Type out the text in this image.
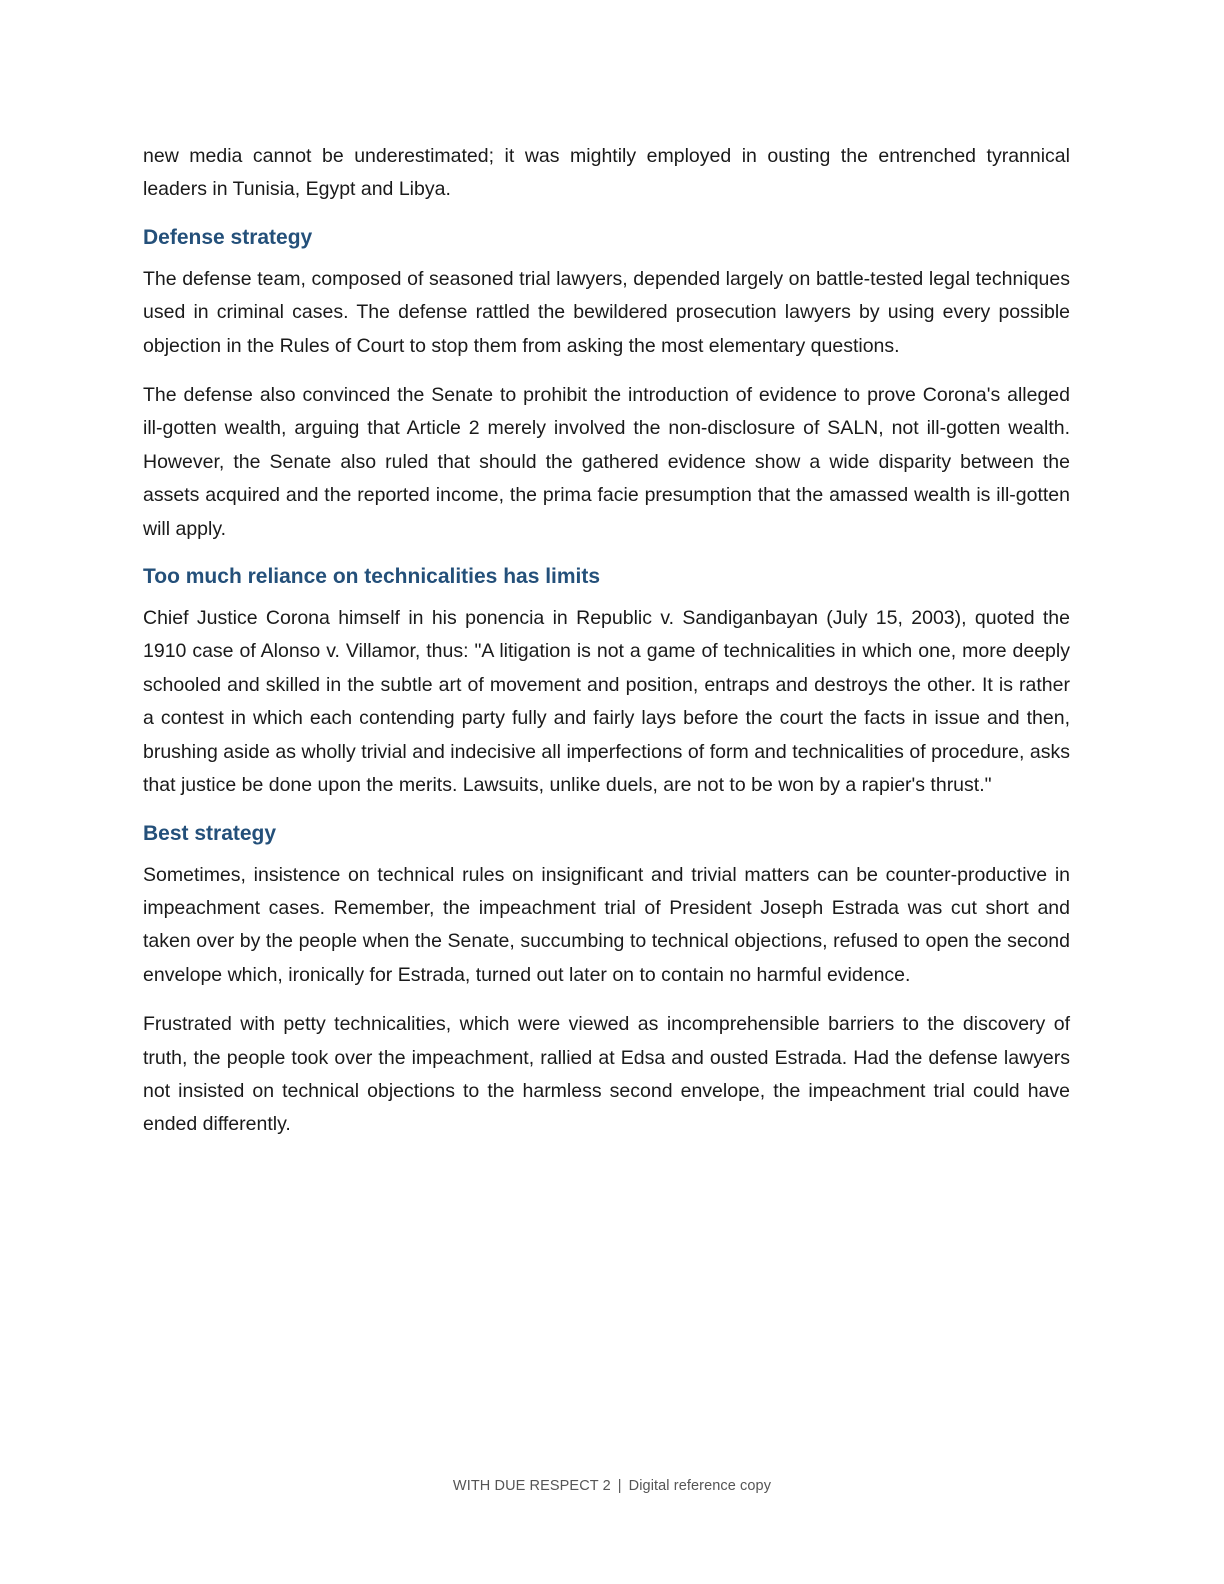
new media cannot be underestimated; it was mightily employed in ousting the entrenched tyrannical leaders in Tunisia, Egypt and Libya.

Defense strategy

The defense team, composed of seasoned trial lawyers, depended largely on battle-tested legal techniques used in criminal cases. The defense rattled the bewildered prosecution lawyers by using every possible objection in the Rules of Court to stop them from asking the most elementary questions.

The defense also convinced the Senate to prohibit the introduction of evidence to prove Corona's alleged ill-gotten wealth, arguing that Article 2 merely involved the non-disclosure of SALN, not ill-gotten wealth. However, the Senate also ruled that should the gathered evidence show a wide disparity between the assets acquired and the reported income, the prima facie presumption that the amassed wealth is ill-gotten will apply.

Too much reliance on technicalities has limits

Chief Justice Corona himself in his ponencia in Republic v. Sandiganbayan (July 15, 2003), quoted the 1910 case of Alonso v. Villamor, thus: "A litigation is not a game of technicalities in which one, more deeply schooled and skilled in the subtle art of movement and position, entraps and destroys the other. It is rather a contest in which each contending party fully and fairly lays before the court the facts in issue and then, brushing aside as wholly trivial and indecisive all imperfections of form and technicalities of procedure, asks that justice be done upon the merits. Lawsuits, unlike duels, are not to be won by a rapier's thrust."

Best strategy

Sometimes, insistence on technical rules on insignificant and trivial matters can be counter-productive in impeachment cases. Remember, the impeachment trial of President Joseph Estrada was cut short and taken over by the people when the Senate, succumbing to technical objections, refused to open the second envelope which, ironically for Estrada, turned out later on to contain no harmful evidence.

Frustrated with petty technicalities, which were viewed as incomprehensible barriers to the discovery of truth, the people took over the impeachment, rallied at Edsa and ousted Estrada. Had the defense lawyers not insisted on technical objections to the harmless second envelope, the impeachment trial could have ended differently.

WITH DUE RESPECT 2 | Digital reference copy
